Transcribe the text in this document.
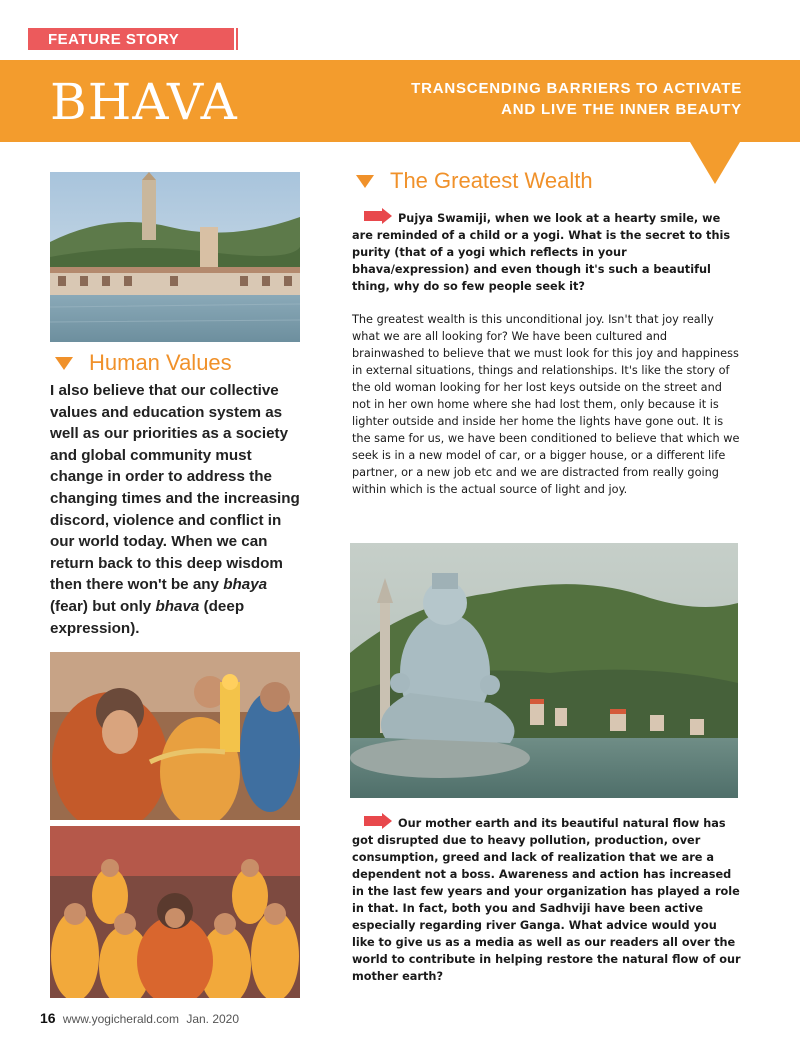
FEATURE STORY
BHAVA	TRANSCENDING BARRIERS TO ACTIVATE
AND LIVE THE INNER BEAUTY
Human Values

I also believe that our collective values and education system as well as our priorities as a society and global community must change in order to address the changing times and the increasing discord, violence and conflict in our world today. When we can return back to this deep wisdom then there won't be any bhaya (fear) but only bhava (deep expression).

The Greatest Wealth

Pujya Swamiji, when we look at a hearty smile, we are reminded of a child or a yogi. What is the secret to this purity (that of a yogi which reflects in your bhava/expression) and even though it's such a beautiful thing, why do so few people seek it?

The greatest wealth is this unconditional joy. Isn't that joy really what we are all looking for? We have been cultured and brainwashed to believe that we must look for this joy and happiness in external situations, things and relationships. It's like the story of the old woman looking for her lost keys outside on the street and not in her own home where she had lost them, only because it is lighter outside and inside her home the lights have gone out. It is the same for us, we have been conditioned to believe that which we seek is in a new model of car, or a bigger house, or a different life partner, or a new job etc and we are distracted from really going within which is the actual source of light and joy.

Our mother earth and its beautiful natural flow has got disrupted due to heavy pollution, production, over consumption, greed and lack of realization that we are a dependent not a boss. Awareness and action has increased in the last few years and your organization has played a role in that. In fact, both you and Sadhviji have been active especially regarding river Ganga. What advice would you like to give us as a media as well as our readers all over the world to contribute in helping restore the natural flow of our mother earth?

16 www.yogicherald.com Jan. 2020
